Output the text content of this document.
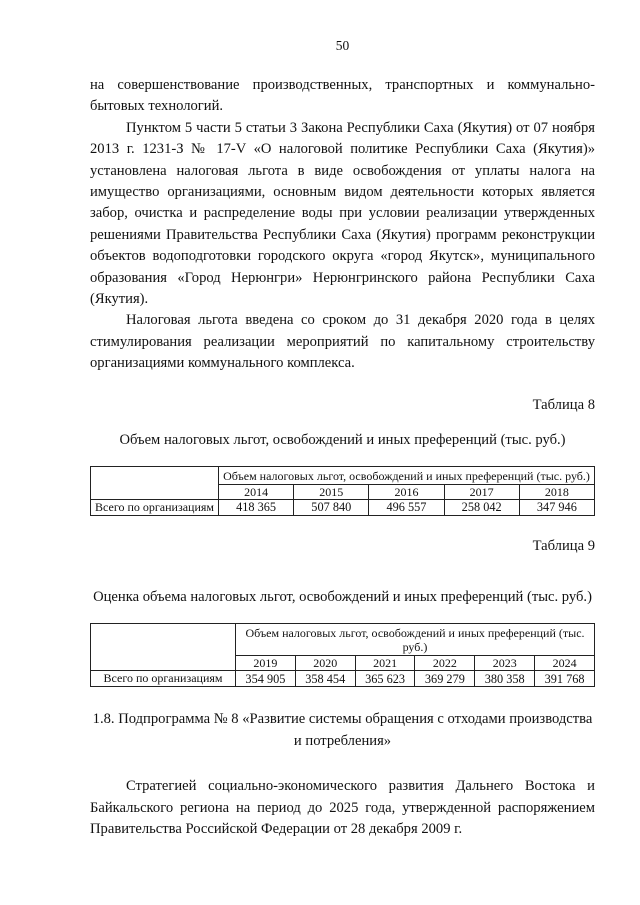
50

на совершенствование производственных, транспортных и коммунально-бытовых технологий.

Пунктом 5 части 5 статьи 3 Закона Республики Саха (Якутия) от 07 ноября 2013 г. 1231-З № 17-V «О налоговой политике Республики Саха (Якутия)» установлена налоговая льгота в виде освобождения от уплаты налога на имущество организациями, основным видом деятельности которых является забор, очистка и распределение воды при условии реализации утвержденных решениями Правительства Республики Саха (Якутия) программ реконструкции объектов водоподготовки городского округа «город Якутск», муниципального образования «Город Нерюнгри» Нерюнгринского района Республики Саха (Якутия).

Налоговая льгота введена со сроком до 31 декабря 2020 года в целях стимулирования реализации мероприятий по капитальному строительству организациями коммунального комплекса.

Таблица 8
Объем налоговых льгот, освобождений и иных преференций (тыс. руб.)
	Объем налоговых льгот, освобождений и иных преференций (тыс. руб.)				
	2014	2015	2016	2017	2018
Всего по организациям	418 365	507 840	496 557	258 042	347 946
Таблица 9
Оценка объема налоговых льгот, освобождений и иных преференций (тыс. руб.)
	Объем налоговых льгот, освобождений и иных преференций (тыс. руб.)					
	2019	2020	2021	2022	2023	2024
Всего по организациям	354 905	358 454	365 623	369 279	380 358	391 768
1.8. Подпрограмма № 8 «Развитие системы обращения с отходами производства и потребления»

Стратегией социально-экономического развития Дальнего Востока и Байкальского региона на период до 2025 года, утвержденной распоряжением Правительства Российской Федерации от 28 декабря 2009 г.
